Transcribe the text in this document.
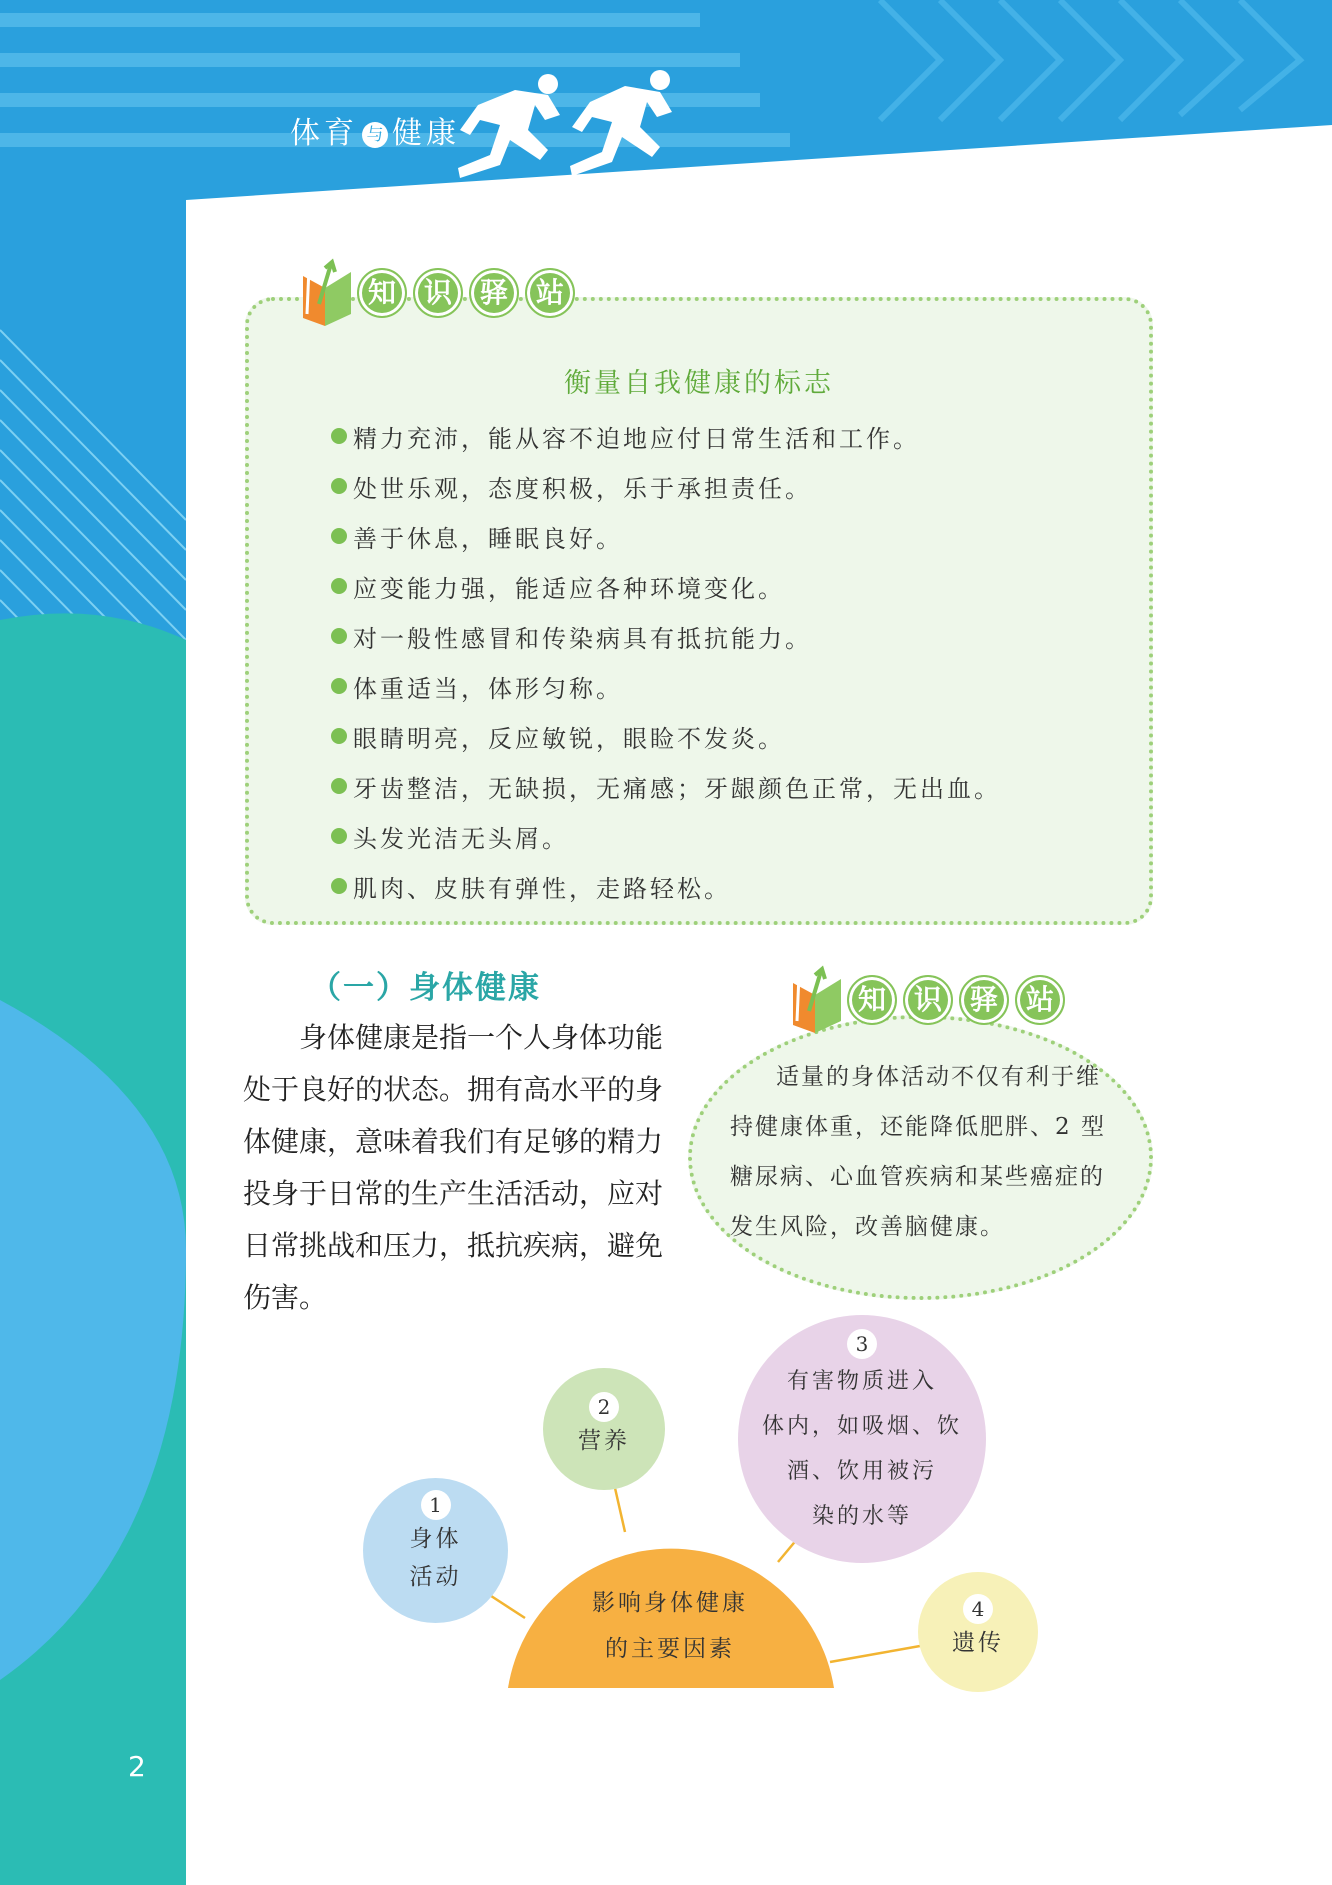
体育 与 健康
衡量自我健康的标志
精力充沛，能从容不迫地应付日常生活和工作。
处世乐观，态度积极，乐于承担责任。
善于休息，睡眠良好。
应变能力强，能适应各种环境变化。
对一般性感冒和传染病具有抵抗能力。
体重适当，体形匀称。
眼睛明亮，反应敏锐，眼睑不发炎。
牙齿整洁，无缺损，无痛感；牙龈颜色正常，无出血。
头发光洁无头屑。
肌肉、皮肤有弹性，走路轻松。
知 识 驿 站
（一）身体健康

身体健康是指一个人身体功能处于良好的状态。拥有高水平的身体健康，意味着我们有足够的精力投身于日常的生产生活活动，应对日常挑战和压力，抵抗疾病，避免伤害。

知 识 驿 站

适量的身体活动不仅有利于维持健康体重，还能降低肥胖、2 型糖尿病、心血管疾病和某些癌症的发生风险，改善脑健康。

影响身体健康
的主要因素
1
身体
活动
2
营养
3
有害物质进入
体内，如吸烟、饮
酒、饮用被污
染的水等
4
遗传
2
